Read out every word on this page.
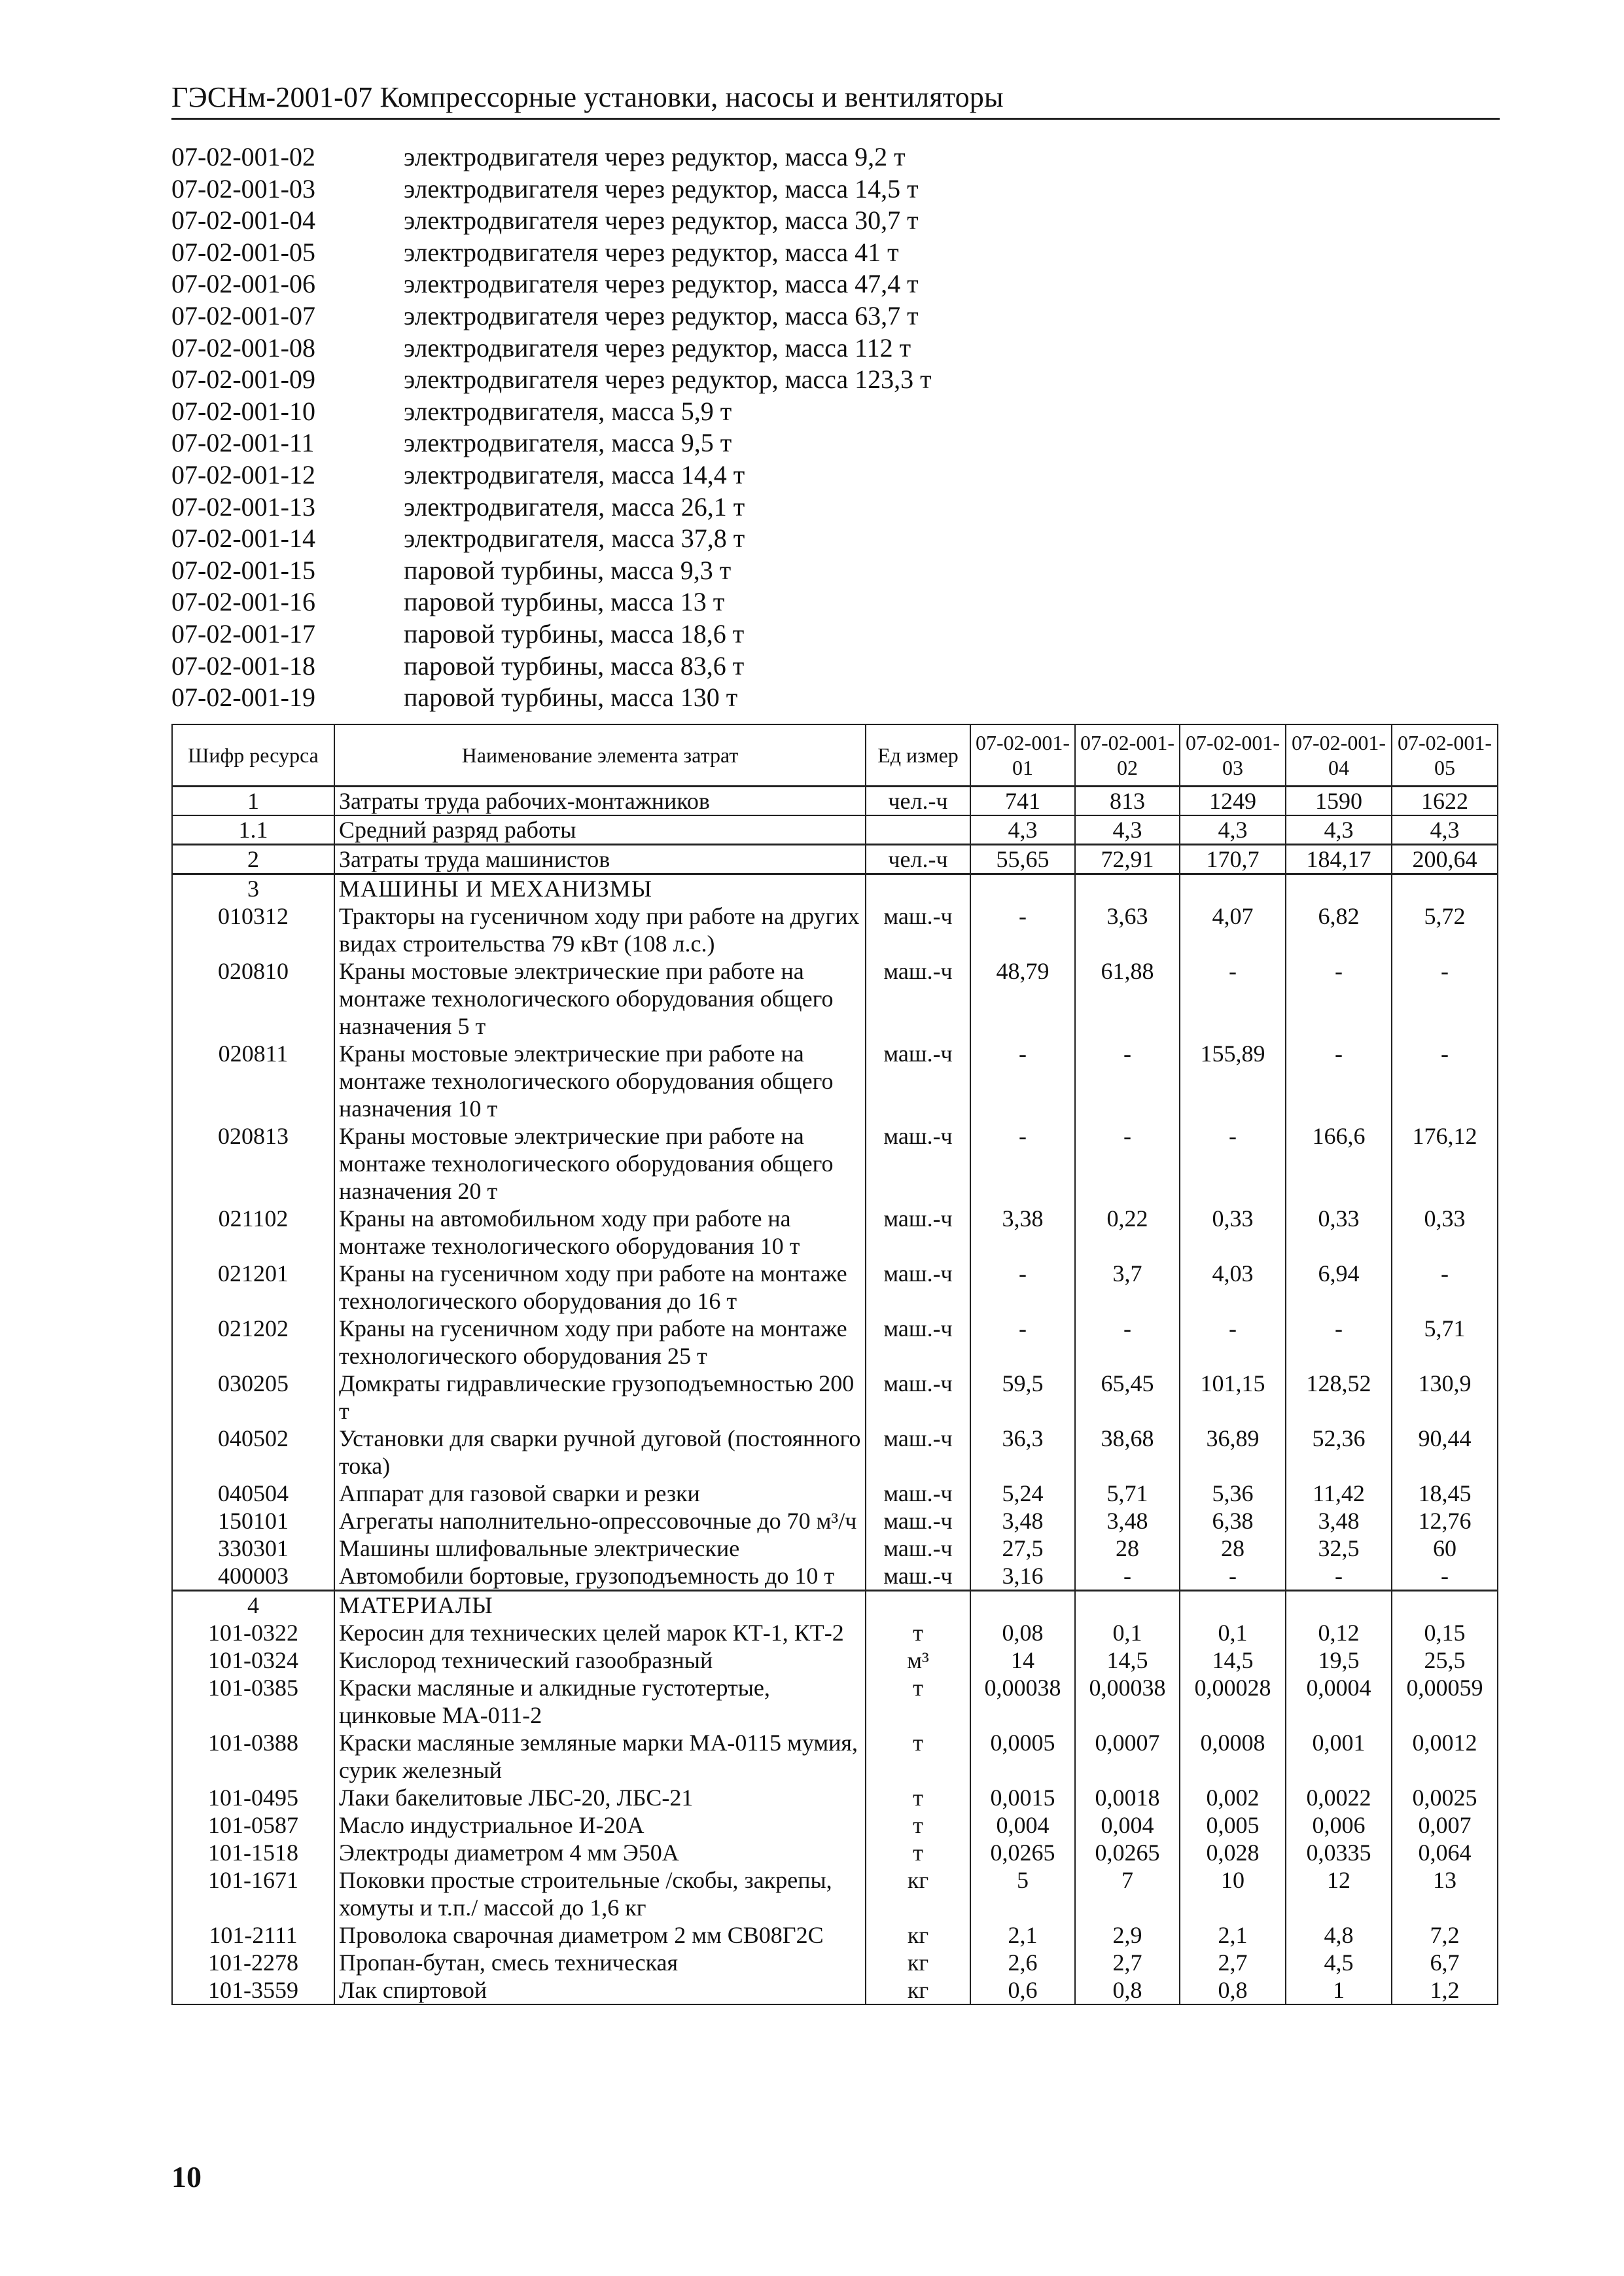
ГЭСНм-2001-07 Компрессорные установки, насосы и вентиляторы
07-02-001-02	электродвигателя через редуктор, масса 9,2 т
07-02-001-03	электродвигателя через редуктор, масса 14,5 т
07-02-001-04	электродвигателя через редуктор, масса 30,7 т
07-02-001-05	электродвигателя через редуктор, масса 41 т
07-02-001-06	электродвигателя через редуктор, масса 47,4 т
07-02-001-07	электродвигателя через редуктор, масса 63,7 т
07-02-001-08	электродвигателя через редуктор, масса 112 т
07-02-001-09	электродвигателя через редуктор, масса 123,3 т
07-02-001-10	электродвигателя, масса 5,9 т
07-02-001-11	электродвигателя, масса 9,5 т
07-02-001-12	электродвигателя, масса 14,4 т
07-02-001-13	электродвигателя, масса 26,1 т
07-02-001-14	электродвигателя, масса 37,8 т
07-02-001-15	паровой турбины, масса 9,3 т
07-02-001-16	паровой турбины, масса 13 т
07-02-001-17	паровой турбины, масса 18,6 т
07-02-001-18	паровой турбины, масса 83,6 т
07-02-001-19	паровой турбины, масса 130 т
Шифр ресурса	Наименование элемента затрат	Ед измер	07-02-001-01	07-02-001-02	07-02-001-03	07-02-001-04	07-02-001-05
1	Затраты труда рабочих-монтажников	чел.-ч	741	813	1249	1590	1622
1.1	Средний разряд работы		4,3	4,3	4,3	4,3	4,3
2	Затраты труда машинистов	чел.-ч	55,65	72,91	170,7	184,17	200,64
3	МАШИНЫ И МЕХАНИЗМЫ						
010312	Тракторы на гусеничном ходу при работе на других видах строительства 79 кВт (108 л.с.)	маш.-ч	-	3,63	4,07	6,82	5,72
020810	Краны мостовые электрические при работе на монтаже технологического оборудования общего назначения 5 т	маш.-ч	48,79	61,88	-	-	-
020811	Краны мостовые электрические при работе на монтаже технологического оборудования общего назначения 10 т	маш.-ч	-	-	155,89	-	-
020813	Краны мостовые электрические при работе на монтаже технологического оборудования общего назначения 20 т	маш.-ч	-	-	-	166,6	176,12
021102	Краны на автомобильном ходу при работе на монтаже технологического оборудования 10 т	маш.-ч	3,38	0,22	0,33	0,33	0,33
021201	Краны на гусеничном ходу при работе на монтаже технологического оборудования до 16 т	маш.-ч	-	3,7	4,03	6,94	-
021202	Краны на гусеничном ходу при работе на монтаже технологического оборудования 25 т	маш.-ч	-	-	-	-	5,71
030205	Домкраты гидравлические грузоподъемностью 200 т	маш.-ч	59,5	65,45	101,15	128,52	130,9
040502	Установки для сварки ручной дуговой (постоянного тока)	маш.-ч	36,3	38,68	36,89	52,36	90,44
040504	Аппарат для газовой сварки и резки	маш.-ч	5,24	5,71	5,36	11,42	18,45
150101	Агрегаты наполнительно-опрессовочные до 70 м³/ч	маш.-ч	3,48	3,48	6,38	3,48	12,76
330301	Машины шлифовальные электрические	маш.-ч	27,5	28	28	32,5	60
400003	Автомобили бортовые, грузоподъемность до 10 т	маш.-ч	3,16	-	-	-	-
4	МАТЕРИАЛЫ						
101-0322	Керосин для технических целей марок КТ-1, КТ-2	т	0,08	0,1	0,1	0,12	0,15
101-0324	Кислород технический газообразный	м³	14	14,5	14,5	19,5	25,5
101-0385	Краски масляные и алкидные густотертые, цинковые МА-011-2	т	0,00038	0,00038	0,00028	0,0004	0,00059
101-0388	Краски масляные земляные марки МА-0115 мумия, сурик железный	т	0,0005	0,0007	0,0008	0,001	0,0012
101-0495	Лаки бакелитовые ЛБС-20, ЛБС-21	т	0,0015	0,0018	0,002	0,0022	0,0025
101-0587	Масло индустриальное И-20А	т	0,004	0,004	0,005	0,006	0,007
101-1518	Электроды диаметром 4 мм Э50А	т	0,0265	0,0265	0,028	0,0335	0,064
101-1671	Поковки простые строительные /скобы, закрепы, хомуты и т.п./ массой до 1,6 кг	кг	5	7	10	12	13
101-2111	Проволока сварочная диаметром 2 мм СВ08Г2С	кг	2,1	2,9	2,1	4,8	7,2
101-2278	Пропан-бутан, смесь техническая	кг	2,6	2,7	2,7	4,5	6,7
101-3559	Лак спиртовой	кг	0,6	0,8	0,8	1	1,2
10
